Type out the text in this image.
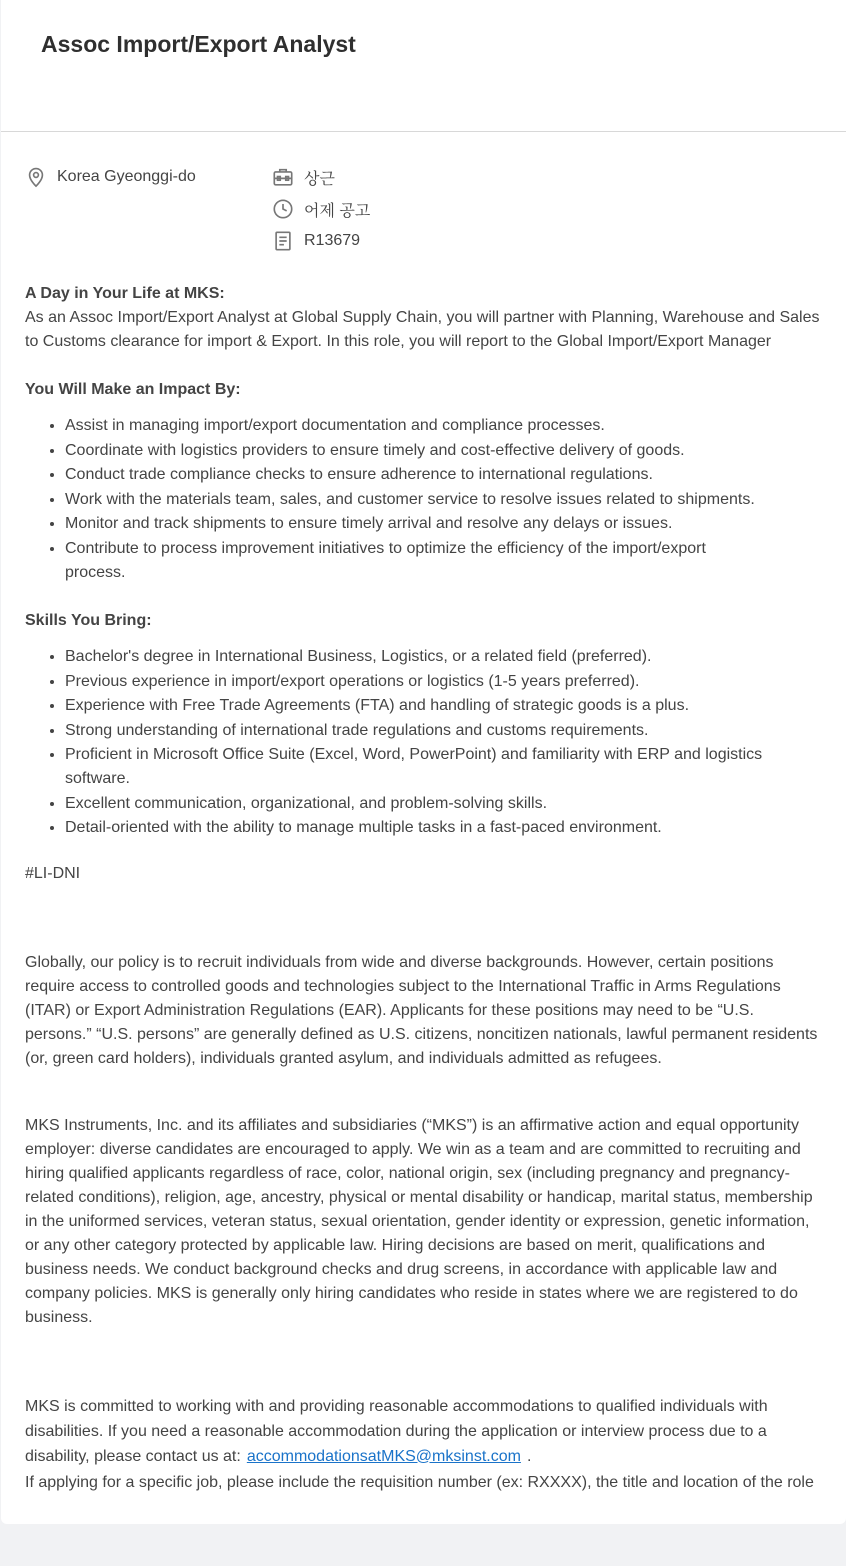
Assoc Import/Export Analyst
Korea Gyeonggi-do	상근
어제 공고
R13679

A Day in Your Life at MKS:

As an Assoc Import/Export Analyst at Global Supply Chain, you will partner with Planning, Warehouse and Sales to Customs clearance for import & Export. In this role, you will report to the Global Import/Export Manager

You Will Make an Impact By:

• Assist in managing import/export documentation and compliance processes.
• Coordinate with logistics providers to ensure timely and cost-effective delivery of goods.
• Conduct trade compliance checks to ensure adherence to international regulations.
• Work with the materials team, sales, and customer service to resolve issues related to shipments.
• Monitor and track shipments to ensure timely arrival and resolve any delays or issues.
• Contribute to process improvement initiatives to optimize the efficiency of the import/export process.

Skills You Bring:

• Bachelor's degree in International Business, Logistics, or a related field (preferred).
• Previous experience in import/export operations or logistics (1-5 years preferred).
• Experience with Free Trade Agreements (FTA) and handling of strategic goods is a plus.
• Strong understanding of international trade regulations and customs requirements.
• Proficient in Microsoft Office Suite (Excel, Word, PowerPoint) and familiarity with ERP and logistics software.
• Excellent communication, organizational, and problem-solving skills.
• Detail-oriented with the ability to manage multiple tasks in a fast-paced environment.

#LI-DNI

Globally, our policy is to recruit individuals from wide and diverse backgrounds. However, certain positions require access to controlled goods and technologies subject to the International Traffic in Arms Regulations (ITAR) or Export Administration Regulations (EAR). Applicants for these positions may need to be “U.S. persons.” “U.S. persons” are generally defined as U.S. citizens, noncitizen nationals, lawful permanent residents (or, green card holders), individuals granted asylum, and individuals admitted as refugees.

MKS Instruments, Inc. and its affiliates and subsidiaries (“MKS”) is an affirmative action and equal opportunity employer: diverse candidates are encouraged to apply. We win as a team and are committed to recruiting and hiring qualified applicants regardless of race, color, national origin, sex (including pregnancy and pregnancy-related conditions), religion, age, ancestry, physical or mental disability or handicap, marital status, membership in the uniformed services, veteran status, sexual orientation, gender identity or expression, genetic information, or any other category protected by applicable law. Hiring decisions are based on merit, qualifications and business needs. We conduct background checks and drug screens, in accordance with applicable law and company policies. MKS is generally only hiring candidates who reside in states where we are registered to do business.

MKS is committed to working with and providing reasonable accommodations to qualified individuals with disabilities. If you need a reasonable accommodation during the application or interview process due to a disability, please contact us at: accommodationsatMKS@mksinst.com .

If applying for a specific job, please include the requisition number (ex: RXXXX), the title and location of the role
